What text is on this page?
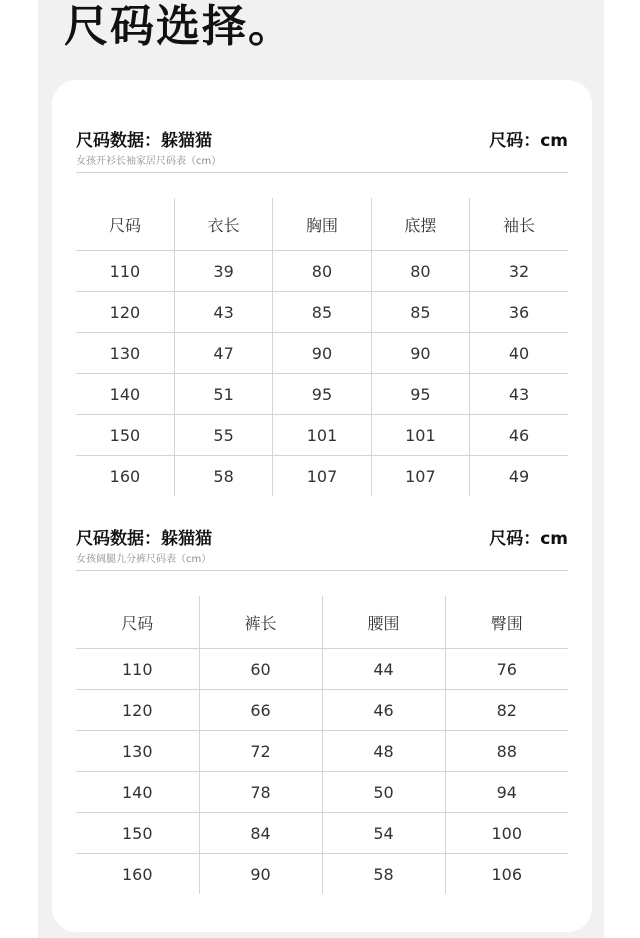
尺码选择。
尺码数据：躲猫猫	尺码：cm
女孩开衫长袖家居尺码表（cm）
尺码	衣长	胸围	底摆	袖长
110	39	80	80	32
120	43	85	85	36
130	47	90	90	40
140	51	95	95	43
150	55	101	101	46
160	58	107	107	49
尺码数据：躲猫猫	尺码：cm
女孩阔腿九分裤尺码表（cm）
尺码	裤长	腰围	臀围
110	60	44	76
120	66	46	82
130	72	48	88
140	78	50	94
150	84	54	100
160	90	58	106
